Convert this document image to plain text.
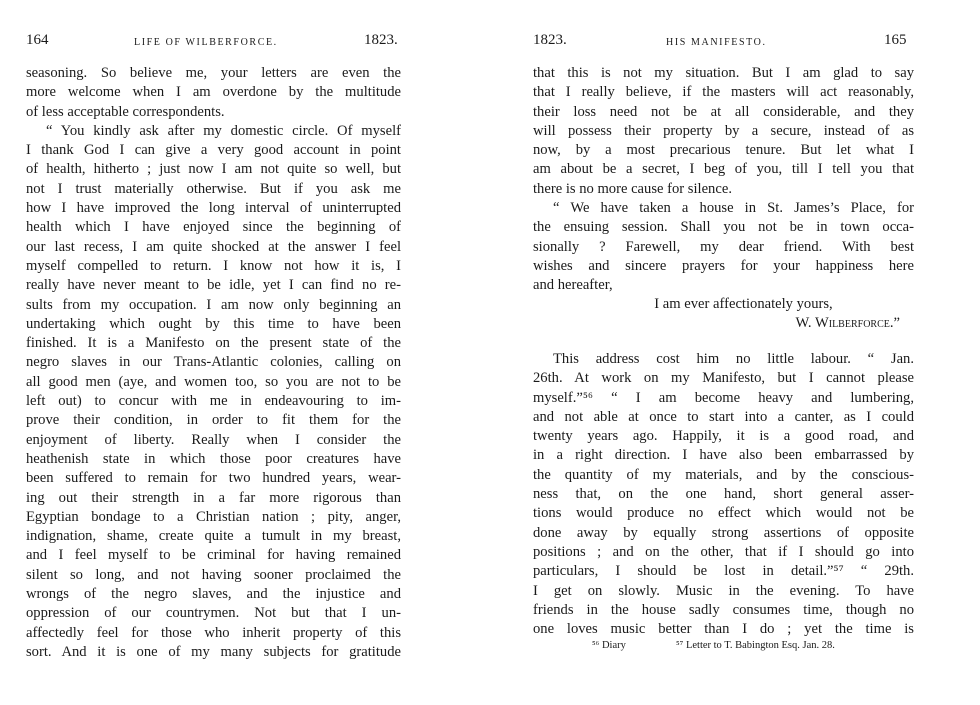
164	LIFE OF WILBERFORCE.	1823.
seasoning. So believe me, your letters are even the
more welcome when I am overdone by the multitude
of less acceptable correspondents.
“ You kindly ask after my domestic circle. Of myself
I thank God I can give a very good account in point
of health, hitherto ; just now I am not quite so well, but
not I trust materially otherwise. But if you ask me
how I have improved the long interval of uninterrupted
health which I have enjoyed since the beginning of
our last recess, I am quite shocked at the answer I feel
myself compelled to return. I know not how it is, I
really have never meant to be idle, yet I can find no re-
sults from my occupation. I am now only beginning an
undertaking which ought by this time to have been
finished. It is a Manifesto on the present state of the
negro slaves in our Trans-Atlantic colonies, calling on
all good men (aye, and women too, so you are not to be
left out) to concur with me in endeavouring to im-
prove their condition, in order to fit them for the
enjoyment of liberty. Really when I consider the
heathenish state in which those poor creatures have
been suffered to remain for two hundred years, wear-
ing out their strength in a far more rigorous than
Egyptian bondage to a Christian nation ; pity, anger,
indignation, shame, create quite a tumult in my breast,
and I feel myself to be criminal for having remained
silent so long, and not having sooner proclaimed the
wrongs of the negro slaves, and the injustice and
oppression of our countrymen. Not but that I un-
affectedly feel for those who inherit property of this
sort. And it is one of my many subjects for gratitude
1823.	HIS MANIFESTO.	165
that this is not my situation. But I am glad to say
that I really believe, if the masters will act reasonably,
their loss need not be at all considerable, and they
will possess their property by a secure, instead of as
now, by a most precarious tenure. But let what I
am about be a secret, I beg of you, till I tell you that
there is no more cause for silence.
“ We have taken a house in St. James’s Place, for
the ensuing session. Shall you not be in town occa-
sionally ? Farewell, my dear friend. With best
wishes and sincere prayers for your happiness here
and hereafter,
I am ever affectionately yours,
W. Wilberforce.”
This address cost him no little labour. “ Jan.
26th. At work on my Manifesto, but I cannot please
myself.”⁵⁶ “ I am become heavy and lumbering,
and not able at once to start into a canter, as I could
twenty years ago. Happily, it is a good road, and
in a right direction. I have also been embarrassed by
the quantity of my materials, and by the conscious-
ness that, on the one hand, short general asser-
tions would produce no effect which would not be
done away by equally strong assertions of opposite
positions ; and on the other, that if I should go into
particulars, I should be lost in detail.”⁵⁷ “ 29th.
I get on slowly. Music in the evening. To have
friends in the house sadly consumes time, though no
one loves music better than I do ; yet the time is
⁵⁶ Diary	⁵⁷ Letter to T. Babington Esq. Jan. 28.
